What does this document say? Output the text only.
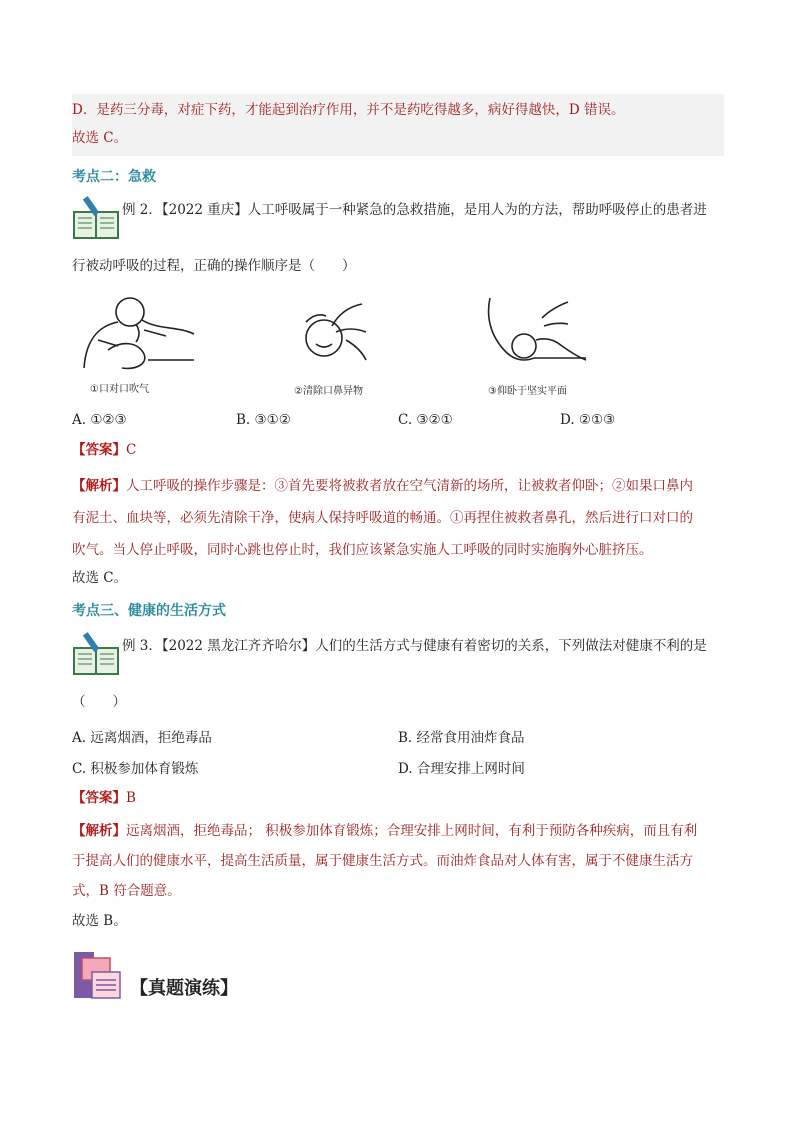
D．是药三分毒，对症下药，才能起到治疗作用，并不是药吃得越多，病好得越快，D 错误。
故选 C。
考点二：急救
例 2．【2022 重庆】人工呼吸属于一种紧急的急救措施，是用人为的方法，帮助呼吸停止的患者进
行被动呼吸的过程，正确的操作顺序是（　　）
①口对口吹气	②清除口鼻异物	③仰卧于坚实平面
A. ①②③	B. ③①②	C. ③②①	D. ②①③
【答案】C
【解析】人工呼吸的操作步骤是：③首先要将被救者放在空气清新的场所，让被救者仰卧；②如果口鼻内
有泥土、血块等，必须先清除干净，使病人保持呼吸道的畅通。①再捏住被救者鼻孔，然后进行口对口的
吹气。当人停止呼吸，同时心跳也停止时，我们应该紧急实施人工呼吸的同时实施胸外心脏挤压。
故选 C。
考点三、健康的生活方式
例 3．【2022 黑龙江齐齐哈尔】人们的生活方式与健康有着密切的关系，下列做法对健康不利的是
（　　）
A. 远离烟酒，拒绝毒品	B. 经常食用油炸食品
C. 积极参加体育锻炼	D. 合理安排上网时间
【答案】B
【解析】远离烟酒，拒绝毒品； 积极参加体育锻炼；合理安排上网时间，有利于预防各种疾病，而且有利
于提高人们的健康水平，提高生活质量，属于健康生活方式。而油炸食品对人体有害，属于不健康生活方
式，B 符合题意。
故选 B。
【真题演练】
